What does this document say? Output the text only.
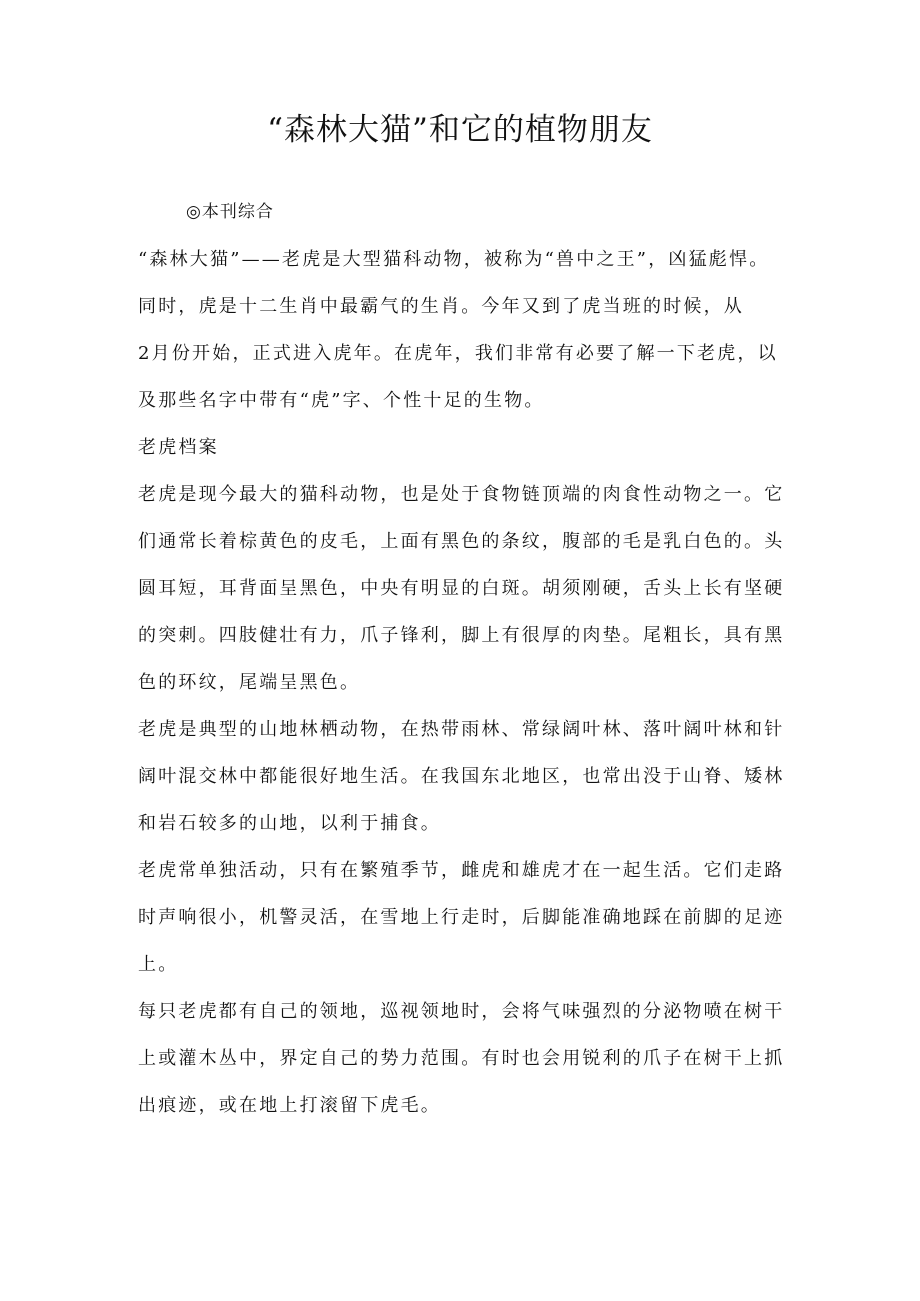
“森林大猫”和它的植物朋友
◎本刊综合
“森林大猫”——老虎是大型猫科动物，被称为“兽中之王”，凶猛彪悍。
同时，虎是十二生肖中最霸气的生肖。今年又到了虎当班的时候，从
2月份开始，正式进入虎年。在虎年，我们非常有必要了解一下老虎，以
及那些名字中带有“虎”字、个性十足的生物。
老虎档案
老虎是现今最大的猫科动物，也是处于食物链顶端的肉食性动物之一。它
们通常长着棕黄色的皮毛，上面有黑色的条纹，腹部的毛是乳白色的。头
圆耳短，耳背面呈黑色，中央有明显的白斑。胡须刚硬，舌头上长有坚硬
的突刺。四肢健壮有力，爪子锋利，脚上有很厚的肉垫。尾粗长，具有黑
色的环纹，尾端呈黑色。
老虎是典型的山地林栖动物，在热带雨林、常绿阔叶林、落叶阔叶林和针
阔叶混交林中都能很好地生活。在我国东北地区，也常出没于山脊、矮林
和岩石较多的山地，以利于捕食。
老虎常单独活动，只有在繁殖季节，雌虎和雄虎才在一起生活。它们走路
时声响很小，机警灵活，在雪地上行走时，后脚能准确地踩在前脚的足迹
上。
每只老虎都有自己的领地，巡视领地时，会将气味强烈的分泌物喷在树干
上或灌木丛中，界定自己的势力范围。有时也会用锐利的爪子在树干上抓
出痕迹，或在地上打滚留下虎毛。
